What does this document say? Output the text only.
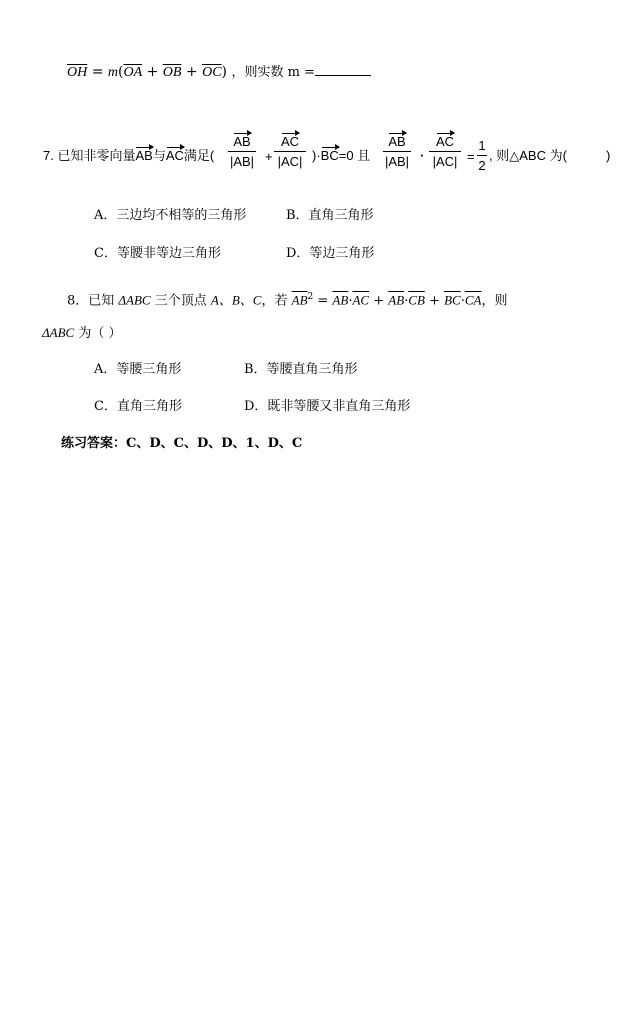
$\overline{OH} = m(\overline{OA} + \overline{OB} + \overline{OC})$ ，则实数 m =
7. 已知非零向量AB与AC满足(
AB
|AB| +
AC
|AC| )·BC=0 且
AB
|AB| ·
AC
|AC| =
1
2
, 则△ABC 为(	)
A．三边均不相等的三角形	B．直角三角形
C．等腰非等边三角形	D．等边三角形
8．已知 ΔABC 三个顶点 A、B、C，若 $\overline{AB}^2 = \overline{AB}\cdot\overline{AC} + \overline{AB}\cdot\overline{CB} + \overline{BC}\cdot\overline{CA}$，则
ΔABC 为（ ）
A．等腰三角形	B．等腰直角三角形
C．直角三角形	D．既非等腰又非直角三角形
练习答案：C、D、C、D、D、1、D、C
